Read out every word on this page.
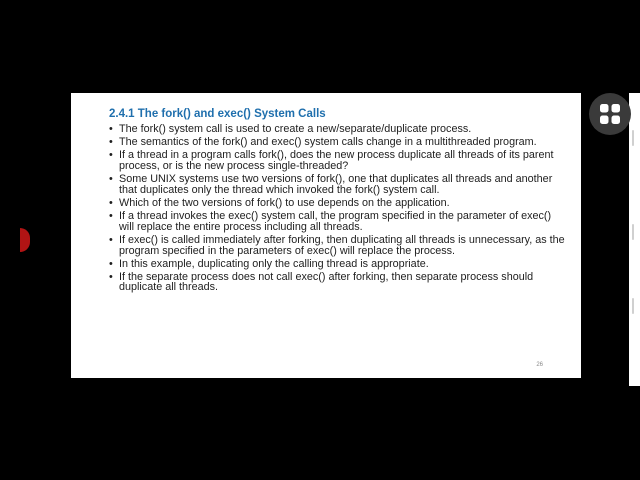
2.4.1 The fork() and exec() System Calls
• The fork() system call is used to create a new/separate/duplicate process.
• The semantics of the fork() and exec() system calls change in a multithreaded program.
• If a thread in a program calls fork(), does the new process duplicate all threads of its parent process, or is the new process single-threaded?
• Some UNIX systems use two versions of fork(), one that duplicates all threads and another that duplicates only the thread which invoked the fork() system call.
• Which of the two versions of fork() to use depends on the application.
• If a thread invokes the exec() system call, the program specified in the parameter of exec() will replace the entire process including all threads.
• If exec() is called immediately after forking, then duplicating all threads is unnecessary, as the program specified in the parameters of exec() will replace the process.
• In this example, duplicating only the calling thread is appropriate.
• If the separate process does not call exec() after forking, then separate process should duplicate all threads.
26
